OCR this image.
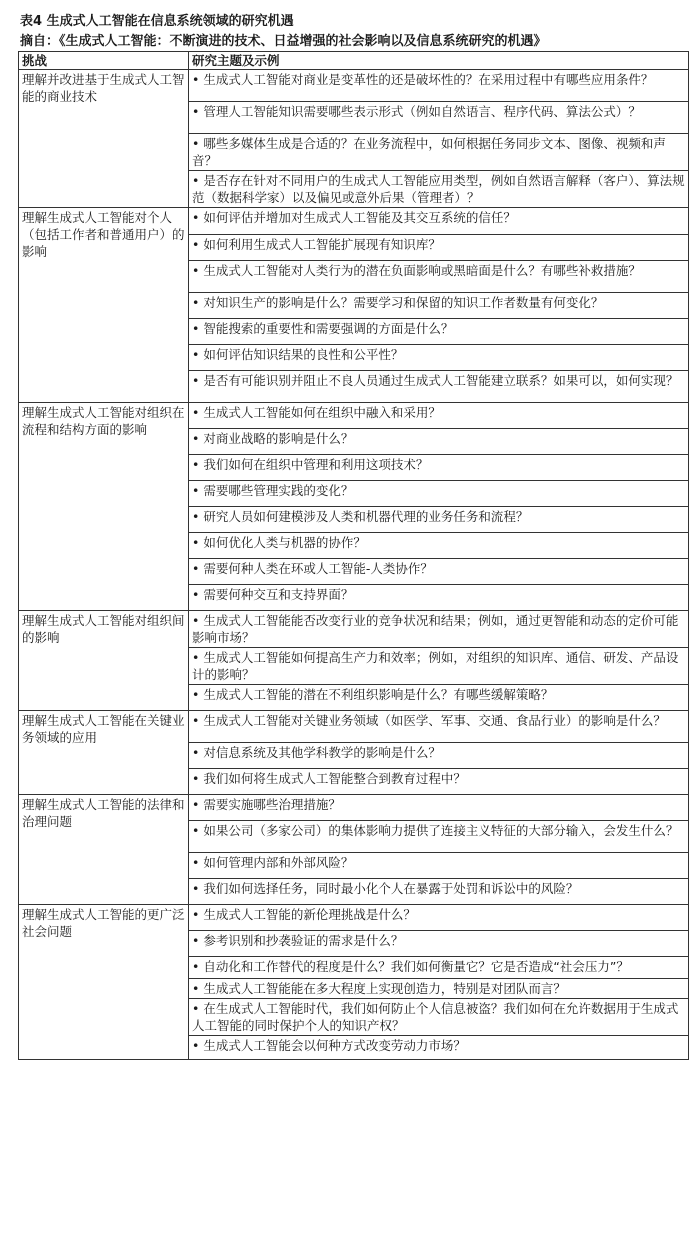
表4 生成式人工智能在信息系统领域的研究机遇
摘自：《生成式人工智能：不断演进的技术、日益增强的社会影响以及信息系统研究的机遇》
挑战	研究主题及示例
理解并改进基于生成式人工智能的商业技术	• 生成式人工智能对商业是变革性的还是破坏性的？在采用过程中有哪些应用条件？
	• 管理人工智能知识需要哪些表示形式（例如自然语言、程序代码、算法公式）？
	• 哪些多媒体生成是合适的？在业务流程中，如何根据任务同步文本、图像、视频和声音？
	• 是否存在针对不同用户的生成式人工智能应用类型，例如自然语言解释（客户）、算法规范（数据科学家）以及偏见或意外后果（管理者）？
理解生成式人工智能对个人（包括工作者和普通用户）的影响	• 如何评估并增加对生成式人工智能及其交互系统的信任？
	• 如何利用生成式人工智能扩展现有知识库？
	• 生成式人工智能对人类行为的潜在负面影响或黑暗面是什么？有哪些补救措施？
	• 对知识生产的影响是什么？需要学习和保留的知识工作者数量有何变化？
	• 智能搜索的重要性和需要强调的方面是什么？
	• 如何评估知识结果的良性和公平性？
	• 是否有可能识别并阻止不良人员通过生成式人工智能建立联系？如果可以，如何实现？
理解生成式人工智能对组织在流程和结构方面的影响	• 生成式人工智能如何在组织中融入和采用？
	• 对商业战略的影响是什么？
	• 我们如何在组织中管理和利用这项技术？
	• 需要哪些管理实践的变化？
	• 研究人员如何建模涉及人类和机器代理的业务任务和流程？
	• 如何优化人类与机器的协作？
	• 需要何种人类在环或人工智能-人类协作？
	• 需要何种交互和支持界面？
理解生成式人工智能对组织间的影响	• 生成式人工智能能否改变行业的竞争状况和结果；例如，通过更智能和动态的定价可能影响市场？
	• 生成式人工智能如何提高生产力和效率；例如，对组织的知识库、通信、研发、产品设计的影响？
	• 生成式人工智能的潜在不利组织影响是什么？有哪些缓解策略？
理解生成式人工智能在关键业务领域的应用	• 生成式人工智能对关键业务领域（如医学、军事、交通、食品行业）的影响是什么？
	• 对信息系统及其他学科教学的影响是什么？
	• 我们如何将生成式人工智能整合到教育过程中？
理解生成式人工智能的法律和治理问题	• 需要实施哪些治理措施？
	• 如果公司（多家公司）的集体影响力提供了连接主义特征的大部分输入，会发生什么？
	• 如何管理内部和外部风险？
	• 我们如何选择任务，同时最小化个人在暴露于处罚和诉讼中的风险？
理解生成式人工智能的更广泛社会问题	• 生成式人工智能的新伦理挑战是什么？
	• 参考识别和抄袭验证的需求是什么？
	• 自动化和工作替代的程度是什么？我们如何衡量它？它是否造成“社会压力”？
	• 生成式人工智能能在多大程度上实现创造力，特别是对团队而言？
	• 在生成式人工智能时代，我们如何防止个人信息被盗？我们如何在允许数据用于生成式人工智能的同时保护个人的知识产权？
	• 生成式人工智能会以何种方式改变劳动力市场？
